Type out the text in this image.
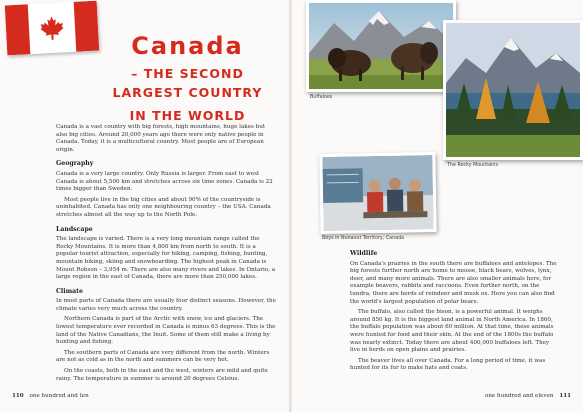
Canada
– THE SECOND LARGEST COUNTRY
IN THE WORLD

Canada is a vast country with big forests, high mountains, huge lakes but also big cities. Around 20,000 years ago there were only native people in Canada. Today, it is a multicultural country. Most people are of European origin.

Geography

Canada is a very large country. Only Russia is larger. From east to west Canada is about 5,500 km and stretches across six time zones. Canada is 22 times bigger than Sweden.

Most people live in the big cities and about 90% of the countryside is uninhabited. Canada has only one neighbouring country – the USA. Canada stretches almost all the way up to the North Pole.

Landscape

The landscape is varied. There is a very long mountain range called the Rocky Mountains. It is more than 4,800 km from north to south. It is a popular tourist attraction, especially for hiking, camping, fishing, hunting, mountain biking, skiing and snowboarding. The highest peak in Canada is Mount Robson – 3,954 m. There are also many rivers and lakes. In Ontario, a large region in the east of Canada, there are more than 250,000 lakes.

Climate

In most parts of Canada there are usually four distinct seasons. However, the climate varies very much across the country.

Northern Canada is part of the Arctic with snow, ice and glaciers. The lowest temperature ever recorded in Canada is minus 63 degrees. This is the land of the Native Canadians, the Inuit. Some of them still make a living by hunting and fishing.

The southern parts of Canada are very different from the north. Winters are not as cold as in the north and summers can be very hot.

On the coasts, both in the east and the west, winters are mild and quite rainy. The temperature in summer is around 20 degrees Celsius.

110 one hundred and ten	one hundred and eleven 111
Buffaloes
The Rocky Mountains
Boys in Nunavut Territory, Canada
Wildlife

On Canada's prairies in the south there are buffaloes and antelopes. The big forests further north are home to moose, black bears, wolves, lynx, deer, and many more animals. There are also smaller animals here, for example beavers, rabbits and raccoons. Even further north, on the tundra, there are herds of reindeer and musk ox. Here you can also find the world's largest population of polar bears.

The buffalo, also called the bison, is a powerful animal. It weighs around 850 kg. It is the biggest land animal in North America. In 1860, the buffalo population was about 60 million. At that time, these animals were hunted for food and their skin. At the end of the 1800s the buffalo was nearly extinct. Today there are about 400,000 buffaloes left. They live in herds on open plains and prairies.

The beaver lives all over Canada. For a long period of time, it was hunted for its fur to make hats and coats.
